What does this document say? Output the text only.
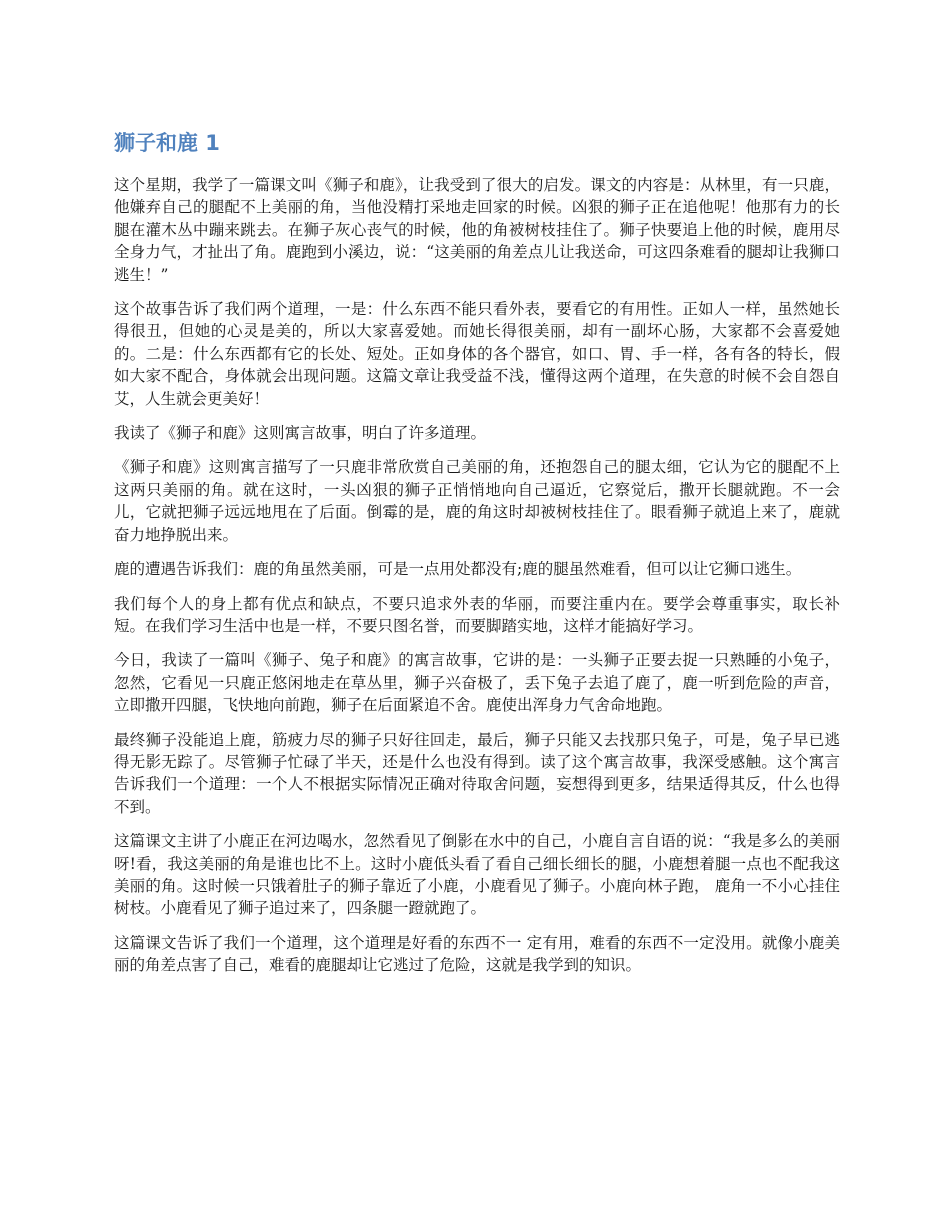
狮子和鹿 1

这个星期，我学了一篇课文叫《狮子和鹿》，让我受到了很大的启发。课文的内容是：从林里，有一只鹿，他嫌弃自己的腿配不上美丽的角，当他没精打采地走回家的时候。凶狠的狮子正在追他呢！他那有力的长腿在灌木丛中蹦来跳去。在狮子灰心丧气的时候，他的角被树枝挂住了。狮子快要追上他的时候，鹿用尽全身力气，才扯出了角。鹿跑到小溪边，说：“这美丽的角差点儿让我送命，可这四条难看的腿却让我狮口逃生！”

这个故事告诉了我们两个道理，一是：什么东西不能只看外表，要看它的有用性。正如人一样，虽然她长得很丑，但她的心灵是美的，所以大家喜爱她。而她长得很美丽，却有一副坏心肠，大家都不会喜爱她的。二是：什么东西都有它的长处、短处。正如身体的各个器官，如口、胃、手一样，各有各的特长，假如大家不配合，身体就会出现问题。这篇文章让我受益不浅，懂得这两个道理，在失意的时候不会自怨自艾，人生就会更美好！

我读了《狮子和鹿》这则寓言故事，明白了许多道理。

《狮子和鹿》这则寓言描写了一只鹿非常欣赏自己美丽的角，还抱怨自己的腿太细，它认为它的腿配不上这两只美丽的角。就在这时，一头凶狠的狮子正悄悄地向自己逼近，它察觉后，撒开长腿就跑。不一会儿，它就把狮子远远地甩在了后面。倒霉的是，鹿的角这时却被树枝挂住了。眼看狮子就追上来了，鹿就奋力地挣脱出来。

鹿的遭遇告诉我们：鹿的角虽然美丽，可是一点用处都没有;鹿的腿虽然难看，但可以让它狮口逃生。

我们每个人的身上都有优点和缺点，不要只追求外表的华丽，而要注重内在。要学会尊重事实，取长补短。在我们学习生活中也是一样，不要只图名誉，而要脚踏实地，这样才能搞好学习。

今日，我读了一篇叫《狮子、兔子和鹿》的寓言故事，它讲的是：一头狮子正要去捉一只熟睡的小兔子，忽然，它看见一只鹿正悠闲地走在草丛里，狮子兴奋极了，丢下兔子去追了鹿了，鹿一听到危险的声音，立即撒开四腿，飞快地向前跑，狮子在后面紧追不舍。鹿使出浑身力气舍命地跑。

最终狮子没能追上鹿，筋疲力尽的狮子只好往回走，最后，狮子只能又去找那只兔子，可是，兔子早已逃得无影无踪了。尽管狮子忙碌了半天，还是什么也没有得到。读了这个寓言故事，我深受感触。这个寓言告诉我们一个道理：一个人不根据实际情况正确对待取舍问题，妄想得到更多，结果适得其反，什么也得不到。

这篇课文主讲了小鹿正在河边喝水，忽然看见了倒影在水中的自己，小鹿自言自语的说：“我是多么的美丽呀!看，我这美丽的角是谁也比不上。这时小鹿低头看了看自己细长细长的腿，小鹿想着腿一点也不配我这美丽的角。这时候一只饿着肚子的狮子靠近了小鹿，小鹿看见了狮子。小鹿向林子跑， 鹿角一不小心挂住树枝。小鹿看见了狮子追过来了，四条腿一蹬就跑了。

这篇课文告诉了我们一个道理，这个道理是好看的东西不一 定有用，难看的东西不一定没用。就像小鹿美丽的角差点害了自己，难看的鹿腿却让它逃过了危险，这就是我学到的知识。
